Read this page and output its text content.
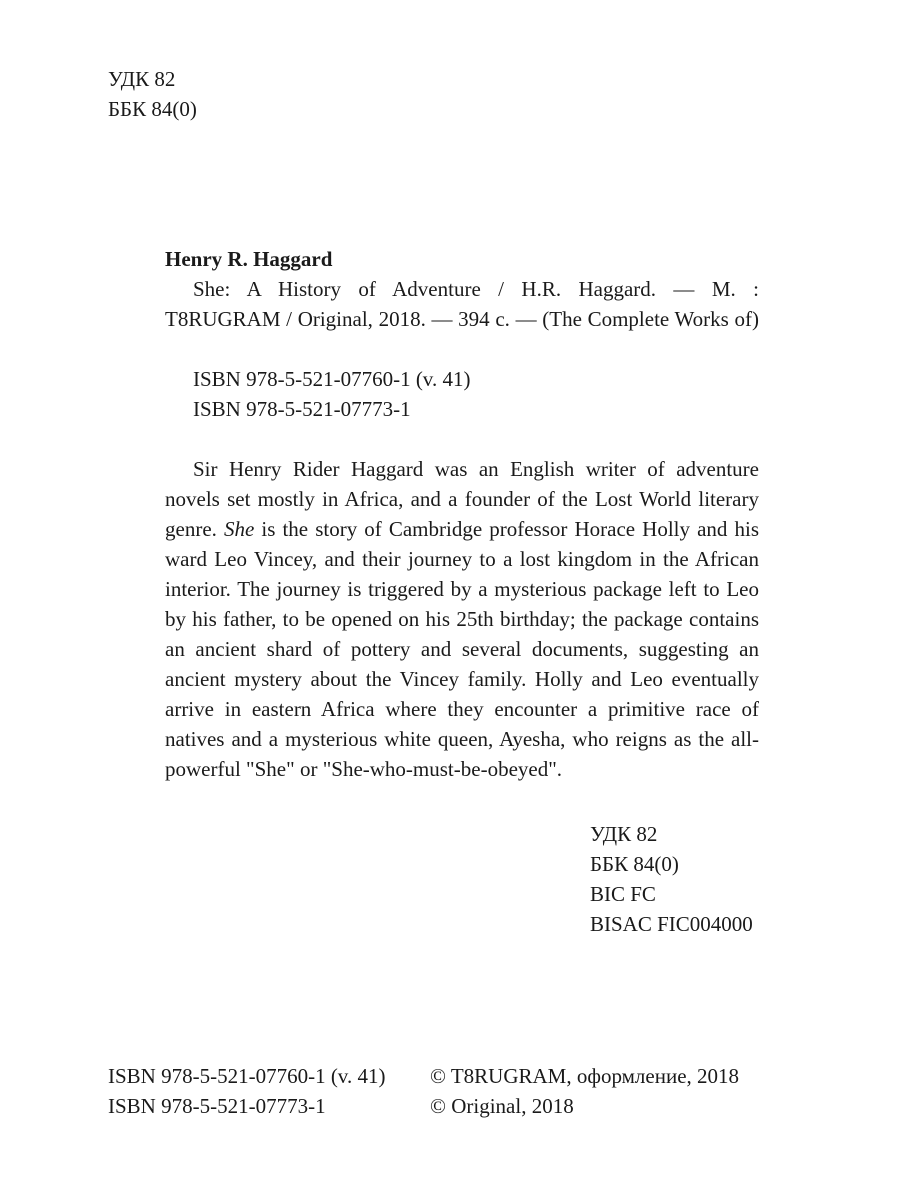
УДК 82
ББК 84(0)
Henry R. Haggard
She: A History of Adventure / H.R. Haggard. — M. :
T8RUGRAM / Original, 2018. — 394 c. — (The Complete Works of)
ISBN 978-5-521-07760-1 (v. 41)
ISBN 978-5-521-07773-1

Sir Henry Rider Haggard was an English writer of adventure novels set mostly in Africa, and a founder of the Lost World literary genre. She is the story of Cambridge professor Horace Holly and his ward Leo Vincey, and their journey to a lost kingdom in the African interior. The journey is triggered by a mysterious package left to Leo by his father, to be opened on his 25th birthday; the package contains an ancient shard of pottery and several documents, suggesting an ancient mystery about the Vincey family. Holly and Leo eventually arrive in eastern Africa where they encounter a primitive race of natives and a mysterious white queen, Ayesha, who reigns as the all-powerful "She" or "She-who-must-be-obeyed".

УДК 82
ББК 84(0)
BIC FC
BISAC FIC004000
ISBN 978-5-521-07760-1 (v. 41)
ISBN 978-5-521-07773-1
© T8RUGRAM, оформление, 2018
© Original, 2018
